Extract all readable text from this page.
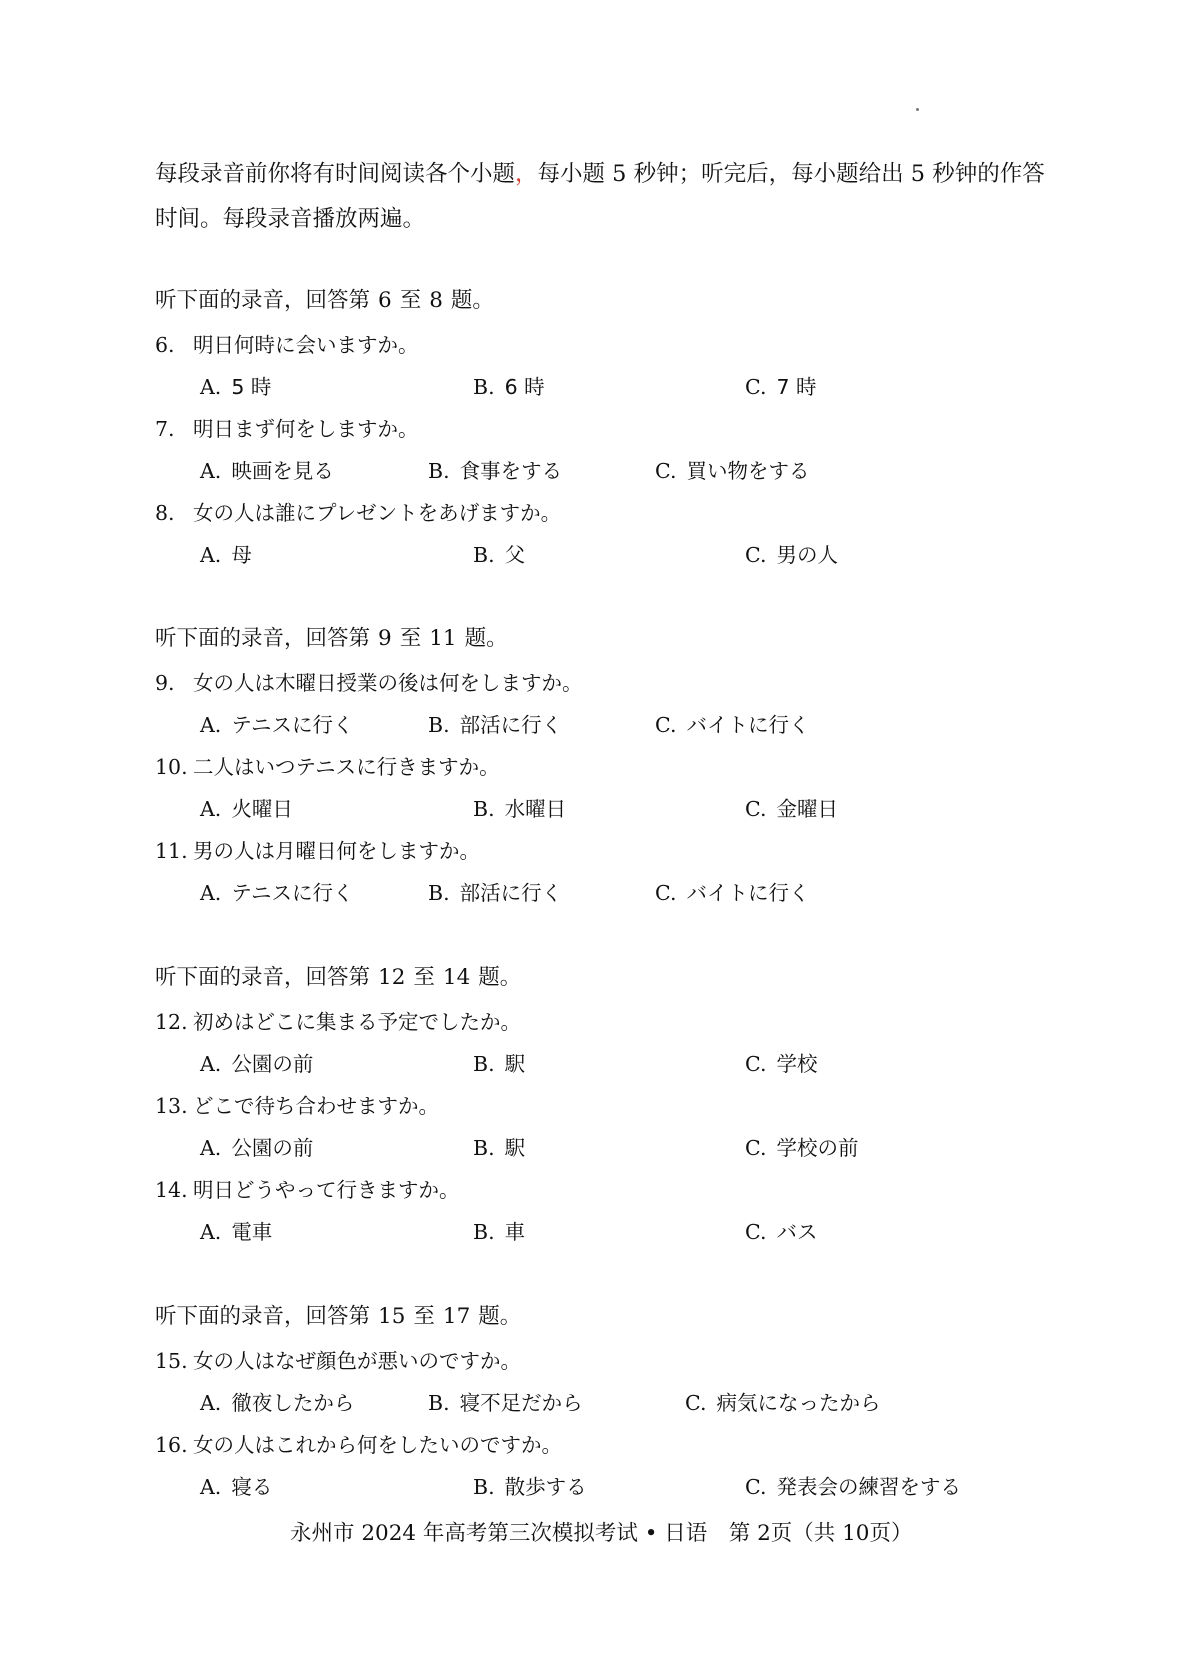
每段录音前你将有时间阅读各个小题，每小题 5 秒钟；听完后，每小题给出 5 秒钟的作答
时间。每段录音播放两遍。
听下面的录音，回答第 6 至 8 题。
6. 明日何時に会いますか。
A. 5 時	B. 6 時	C. 7 時
7. 明日まず何をしますか。
A. 映画を見る	B. 食事をする	C. 買い物をする
8. 女の人は誰にプレゼントをあげますか。
A. 母	B. 父	C. 男の人
听下面的录音，回答第 9 至 11 题。
9. 女の人は木曜日授業の後は何をしますか。
A. テニスに行く	B. 部活に行く	C. バイトに行く
10. 二人はいつテニスに行きますか。
A. 火曜日	B. 水曜日	C. 金曜日
11. 男の人は月曜日何をしますか。
A. テニスに行く	B. 部活に行く	C. バイトに行く
听下面的录音，回答第 12 至 14 题。
12. 初めはどこに集まる予定でしたか。
A. 公園の前	B. 駅	C. 学校
13. どこで待ち合わせますか。
A. 公園の前	B. 駅	C. 学校の前
14. 明日どうやって行きますか。
A. 電車	B. 車	C. バス
听下面的录音，回答第 15 至 17 题。
15. 女の人はなぜ顔色が悪いのですか。
A. 徹夜したから	B. 寝不足だから	C. 病気になったから
16. 女の人はこれから何をしたいのですか。
A. 寝る	B. 散歩する	C. 発表会の練習をする
永州市 2024 年高考第三次模拟考试 • 日语　第 2页（共 10页）
